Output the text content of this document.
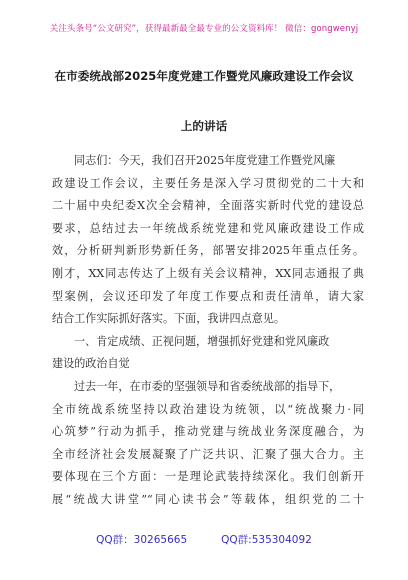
关注头条号“公文研究”，获得最新最全最专业的公文资料库！ 微信：gongwenyj
在市委统战部2025年度党建工作暨党风廉政建设工作会议
上的讲话
同志们：今天，我们召开2025年度党建工作暨党风廉
政建设工作会议，主要任务是深入学习贯彻党的二十大和
二十届中央纪委X次全会精神，全面落实新时代党的建设总
要求，总结过去一年统战系统党建和党风廉政建设工作成
效，分析研判新形势新任务，部署安排2025年重点任务。
刚才，XX同志传达了上级有关会议精神，XX同志通报了典
型案例，会议还印发了年度工作要点和责任清单，请大家
结合工作实际抓好落实。下面，我讲四点意见。
一、肯定成绩、正视问题，增强抓好党建和党风廉政
建设的政治自觉
过去一年，在市委的坚强领导和省委统战部的指导下，
全市统战系统坚持以政治建设为统领，以“统战聚力·同
心筑梦”行动为抓手，推动党建与统战业务深度融合，为
全市经济社会发展凝聚了广泛共识、汇聚了强大合力。主
要体现在三个方面：一是理论武装持续深化。我们创新开
展“统战大讲堂”“同心读书会”等载体，组织党的二十
QQ群：30265665	QQ群:535304092
